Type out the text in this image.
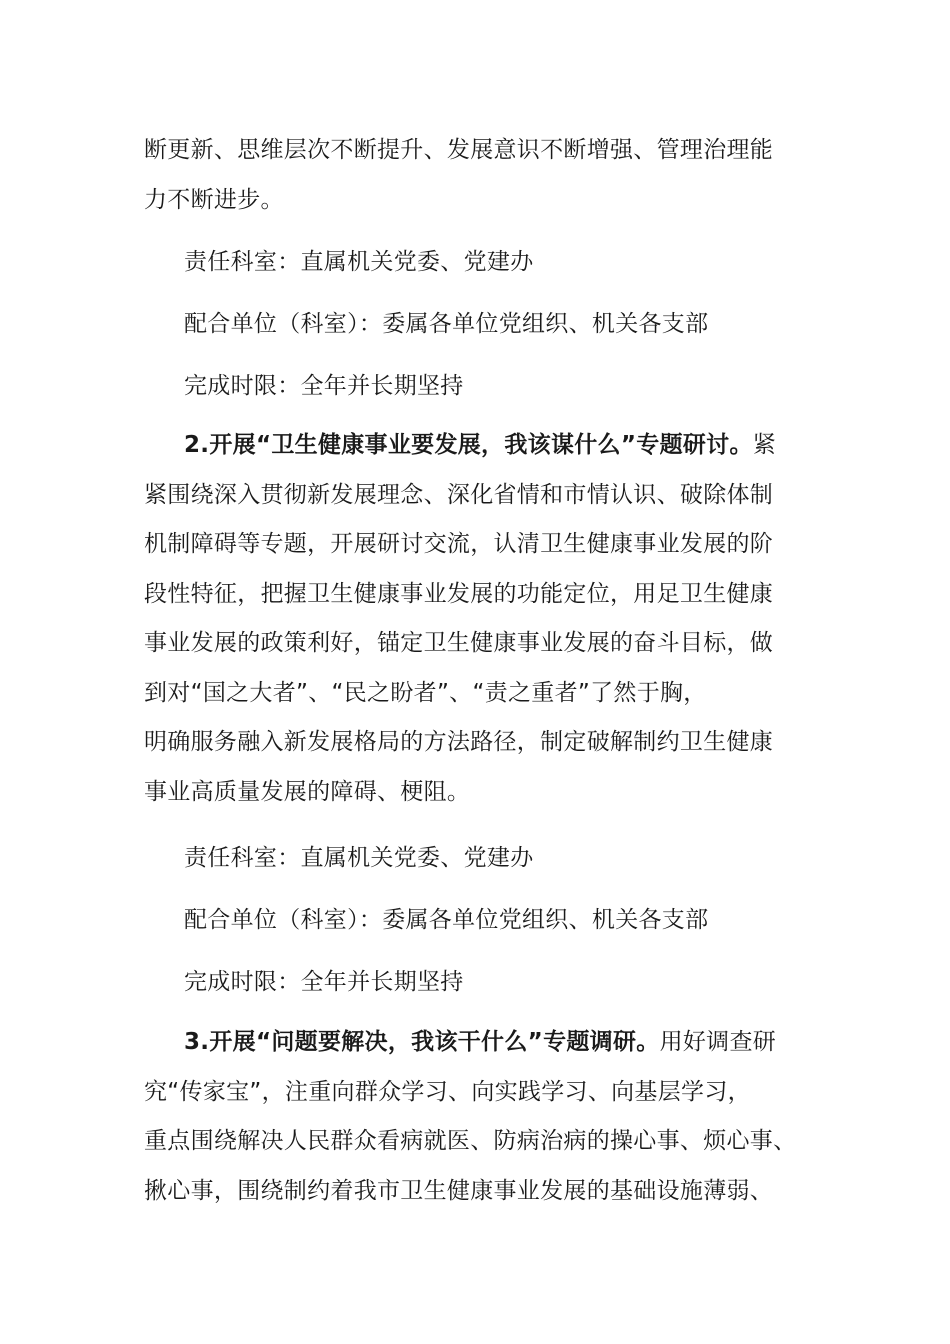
断更新、思维层次不断提升、发展意识不断增强、管理治理能
力不断进步。

责任科室：直属机关党委、党建办

配合单位（科室）：委属各单位党组织、机关各支部

完成时限：全年并长期坚持

2.开展“卫生健康事业要发展，我该谋什么”专题研讨。紧
紧围绕深入贯彻新发展理念、深化省情和市情认识、破除体制
机制障碍等专题，开展研讨交流，认清卫生健康事业发展的阶
段性特征，把握卫生健康事业发展的功能定位，用足卫生健康
事业发展的政策利好，锚定卫生健康事业发展的奋斗目标，做
到对“国之大者”、“民之盼者”、“责之重者”了然于胸，
明确服务融入新发展格局的方法路径，制定破解制约卫生健康
事业高质量发展的障碍、梗阻。

责任科室：直属机关党委、党建办

配合单位（科室）：委属各单位党组织、机关各支部

完成时限：全年并长期坚持

3.开展“问题要解决，我该干什么”专题调研。用好调查研
究“传家宝”，注重向群众学习、向实践学习、向基层学习，
重点围绕解决人民群众看病就医、防病治病的操心事、烦心事、
揪心事，围绕制约着我市卫生健康事业发展的基础设施薄弱、
